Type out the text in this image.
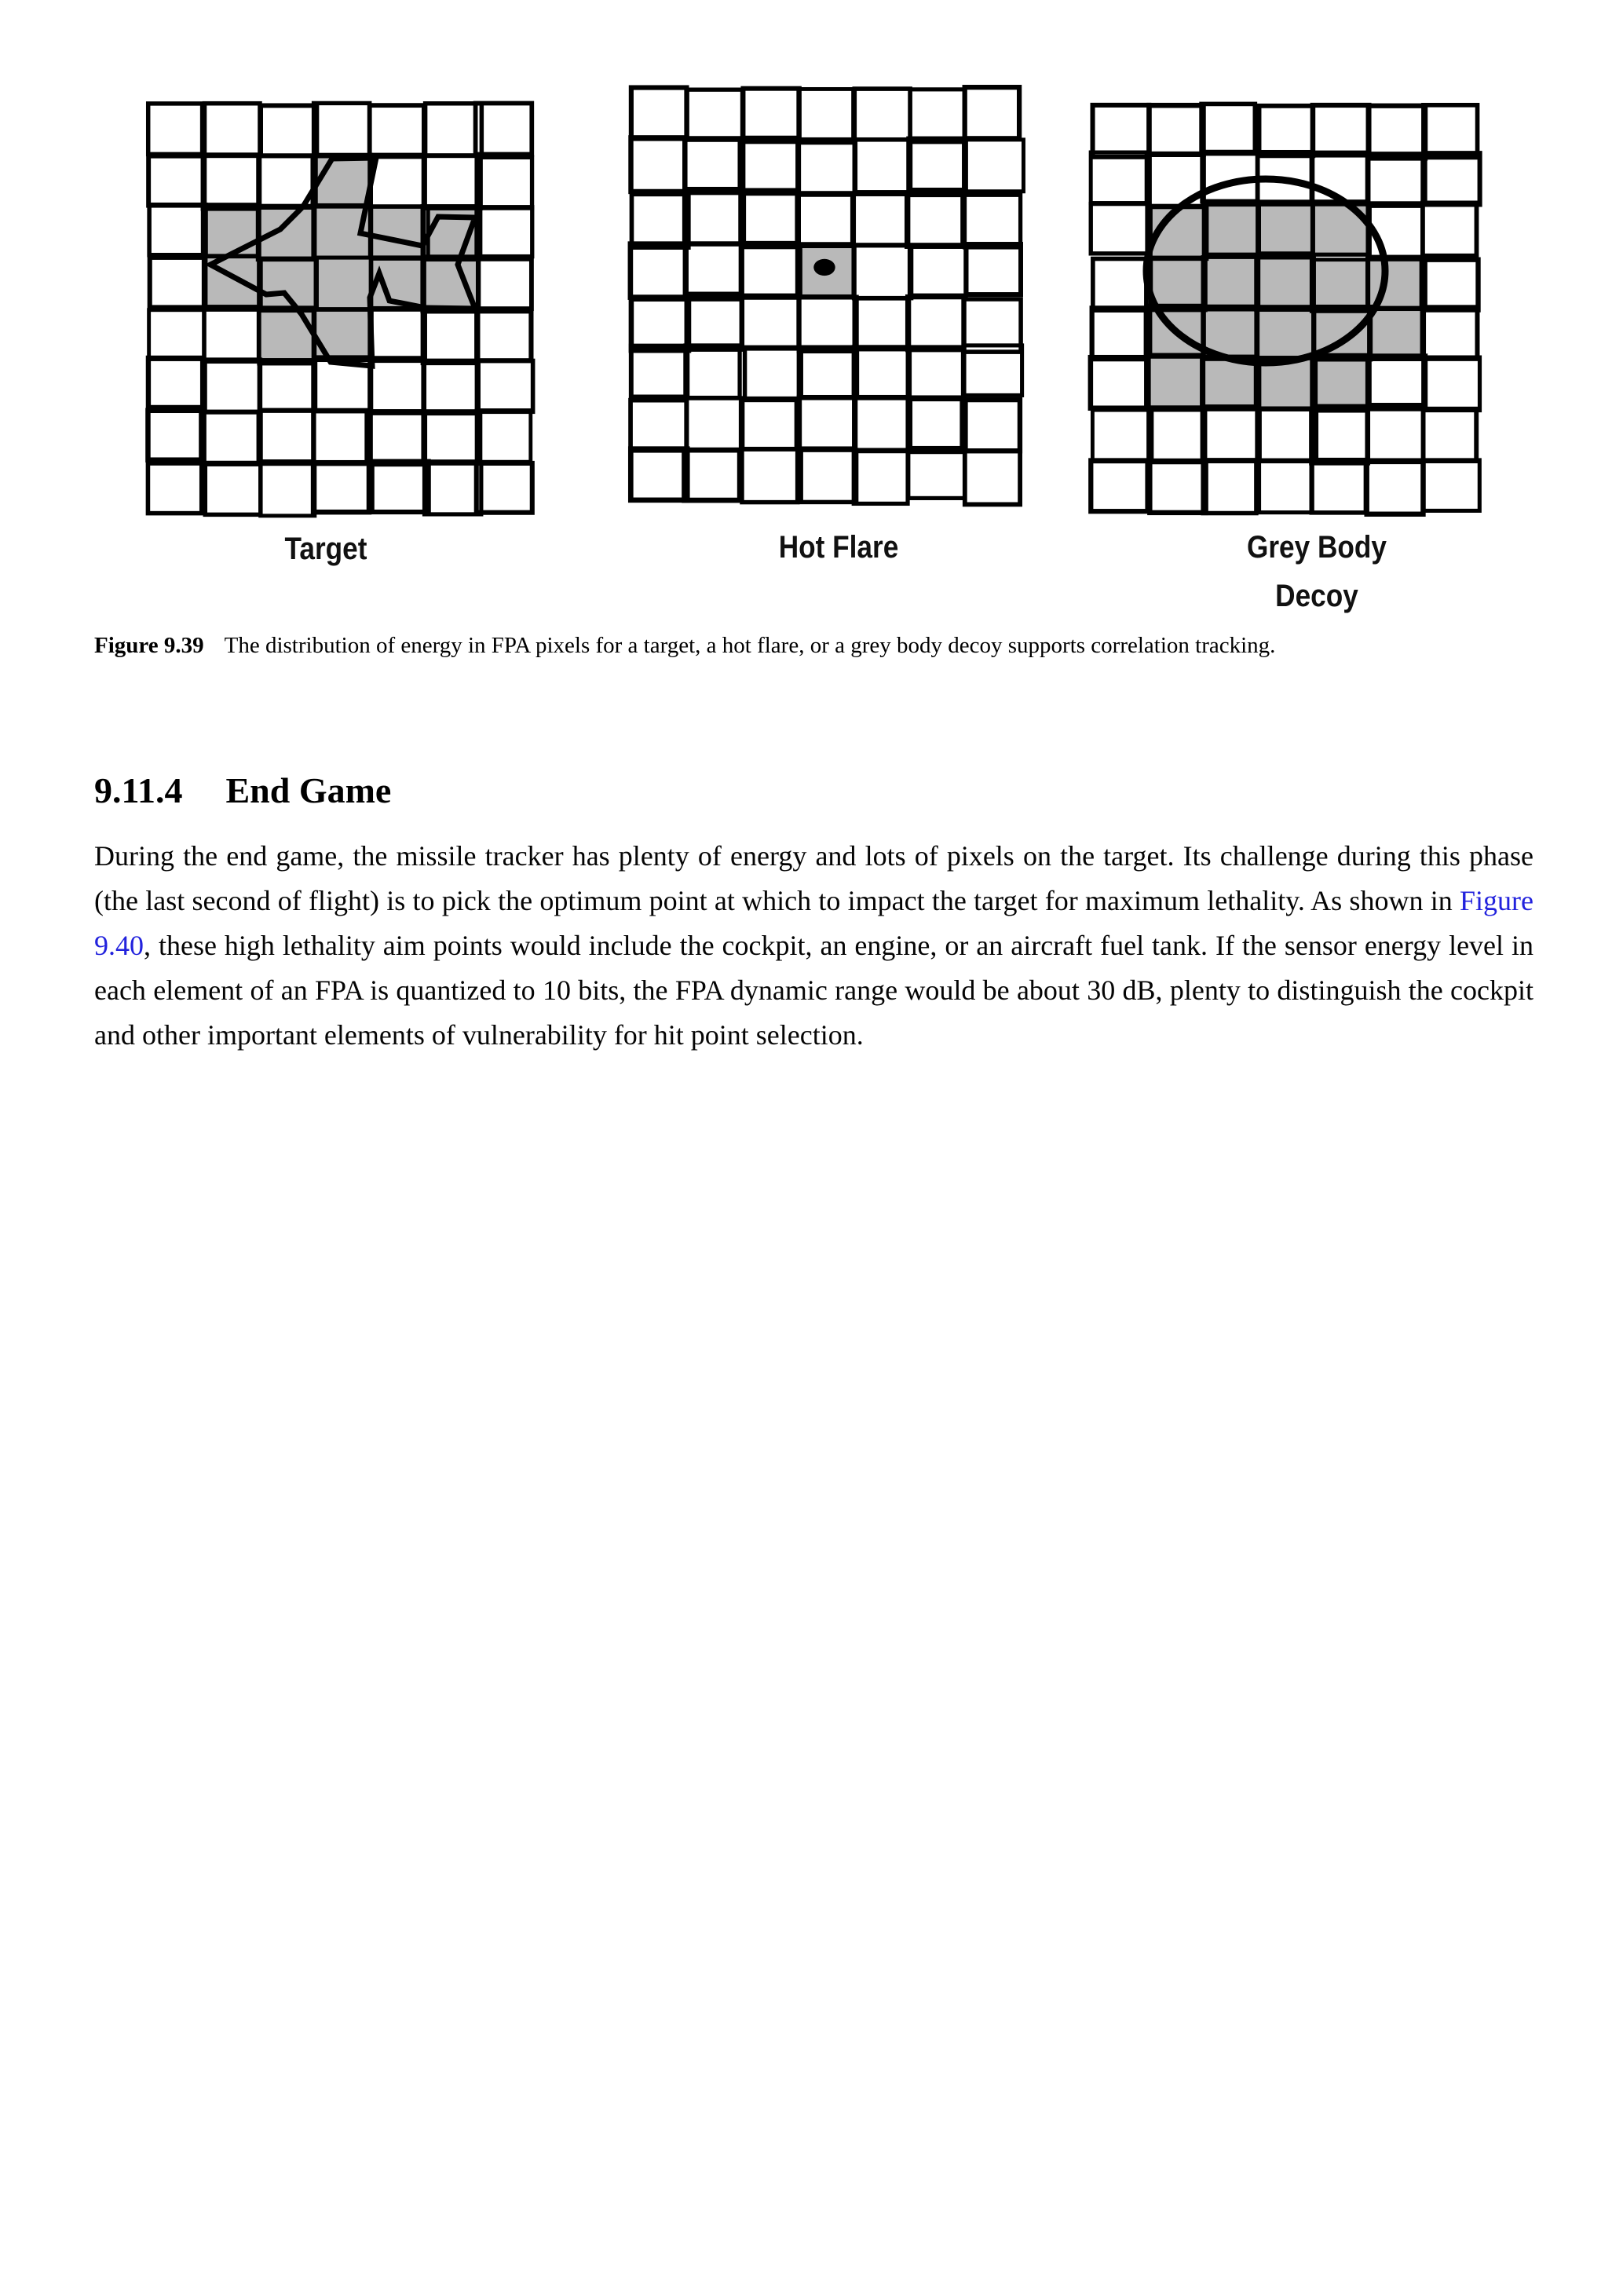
Target	Hot Flare	Grey Body
Decoy
Figure 9.39 The distribution of energy in FPA pixels for a target, a hot flare, or a grey body decoy supports correlation tracking.
9.11.4 End Game

During the end game, the missile tracker has plenty of energy and lots of pixels on the target. Its challenge during this phase (the last second of flight) is to pick the optimum point at which to impact the target for maximum lethality. As shown in Figure 9.40, these high lethality aim points would include the cockpit, an engine, or an aircraft fuel tank. If the sensor energy level in each element of an FPA is quantized to 10 bits, the FPA dynamic range would be about 30 dB, plenty to distinguish the cockpit and other important elements of vulnerability for hit point selection.
